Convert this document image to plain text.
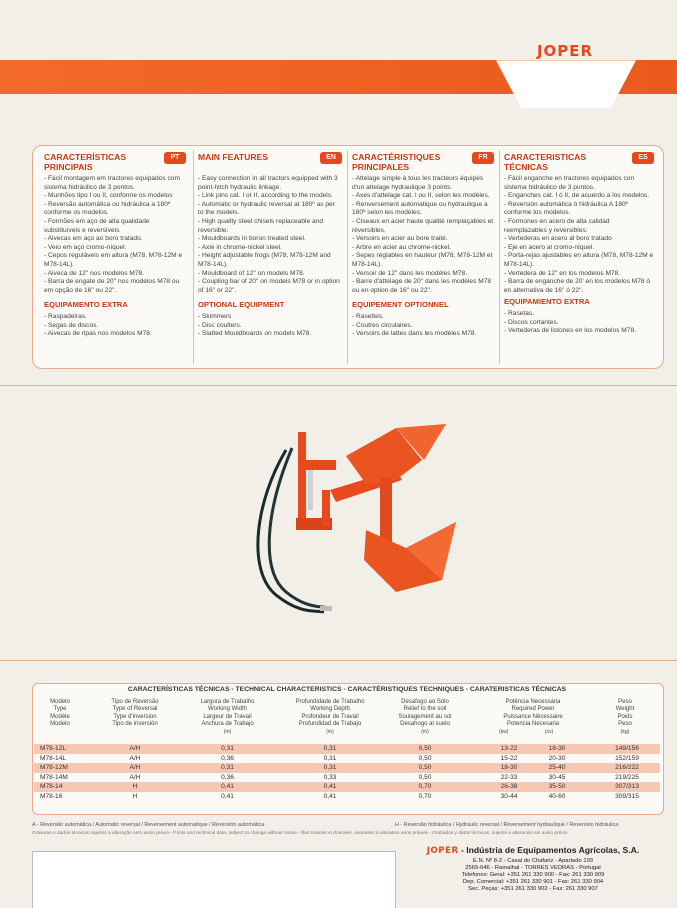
JOPER
PT
CARACTERÍSTICAS PRINCIPAIS
- Fácil montagem em tractores equipados com sistema hidráulico de 3 pontos.
- Munhões tipo I ou II, conforme os modelos
- Reversão automática ou hidráulica a 180º conforme os modelos.
- Formões em aço de alta qualidade substituíveis e reversíveis
- Aivecas em aço ao boro tratado.
- Veio em aço cromo-níquel.
- Cepos reguláveis em altura (M78, M78-12M e M78-14L).
- Aiveca de 12'' nos modelos M78.
- Barra de engate de 20'' nos modelos M78 ou em opção de 16'' ou 22''.
EQUIPAMENTO EXTRA
- Raspadeiras.
- Segas de discos.
- Aivecas de ripas nos modelos M78.
EN
MAIN FEATURES
- Easy connection in all tractors equipped with 3 point-hitch hydraulic linkage.
- Link pins cat. I or II, according to the models.
- Automatic or hydraulic reversal at 180º as per to the models.
- High quality steel chisels replaceable and reversible.
- Mouldboards in boron treated steel.
- Axle in chrome-nickel steel.
- Height adjustable frogs (M78, M78-12M and M78-14L).
- Mouldboard of 12'' on models M78.
- Coupling bar of 20'' on models M78 or in option of 16'' or 22''.
OPTIONAL EQUIPMENT
- Skimmers
- Disc coulters.
- Slatted Mouldboards on models M78.
FR
CARACTÉRISTIQUES PRINCIPALES
- Attelage simple à tous les tracteurs équipés d'un attelage hydraulique 3 points.
- Axes d'attelage cat. I ou II, selon les modèles.
- Renversement automatique ou hydraulique a 180º selon les modèles.
- Ciseaux en acier haute qualité remplaçables et réversibles.
- Versoirs en acier au bore traité.
- Arbre en acier au chrome-nickel.
- Sepes réglables en hauteur (M78, M78-12M et M78-14L).
- Versoir de 12'' dans les modèles M78.
- Barre d'attelage de 20'' dans les modèles M78 ou en option de 16'' ou 22''.
EQUIPEMENT OPTIONNEL
- Rasettes.
- Coutres circulaires.
- Versoirs de lattes dans les modèles M78.
ES
CARACTERISTICAS TÉCNICAS
- Fácil enganche en tractores equipados con sistema hidráulico de 3 puntos.
- Enganches cat. I ó II, de acuerdo a los modelos.
- Reversión automática ó hidráulica A 180º conforme los modelos.
- Formones en acero de alta calidad reemplazables y reversibles.
- Vertederas en acero al boro tratado
- Eje en acero al cromo-níquel.
- Porta-rejas ajustables en altura (M78, M78-12M e M78-14L).
- Vertedera de 12'' en los modelos M78.
- Barra de enganche de 20' en los modelos M78 ó en alternativa de 16'' ó 22''.
EQUIPAMIENTO EXTRA
- Rasetas.
- Discos cortantes.
- Vertederas de listones en los modelos M78.
CARACTERÍSTICAS TÉCNICAS - TECHNICAL CHARACTERISTICS - CARACTÉRISTIQUES TECHNIQUES - CARATERISTICAS TÉCNICAS
Modelo
Type
Modèle
Modelo
Tipo de Reversão
Type of Reversal
Type d'inversion
Tipo de inversión
Largura de Trabalho
Working Width
Largeur de Travail
Anchura de Trabajo
(m)
Profundidade de Trabalho
Working Depth
Profondeur de Travail
Profundidad de Trabajo
(m)
Desafogo ao Solo
Relief to the soil
Soulagement au sol
Desahogo al suelo
(m)
Potência Necessária
Required Power
Puissance Nécessaire
Potencia Necesaria
(kw)	(cv)

Peso
Weight
Poids
Peso
(kg)
M78-12L	A/H	0,31	0,31	0,50	13-22	18-30	149/156
M78-14L	A/H	0,36	0,31	0,50	15-22	20-30	152/159
M78-12M	A/H	0,31	0,31	0,50	18-30	25-40	216/222
M78-14M	A/H	0,36	0,33	0,50	22-33	30-45	219/225
M78-14	H	0,41	0,41	0,70	26-38	35-50	307/313
M78-16	H	0,41	0,41	0,70	30-44	40-60	309/315
A - Reversão automática / Automatic reversal / Reversement automatique / Reversión automática	H - Reversão hidráulica / Hydraulic reversal / Reversement hydraulique / Reversión hidráulica
Gravuras e dados técnicos sujeitos a alteração sem aviso prévio - Prints and technical data, subject to change without notice - Illus trations et données, soumises à alteration sans préavis - Grabados y datos técnicos, sujetos a alteración sin aviso prévio
JOPER - Indústria de Equipamentos Agrícolas, S.A.
E.N. Nº 8-2 - Casal do Chafariz - Apartado 193
2565-646 - Ramalhal - TORRES VEDRAS - Portugal
Telefones: Geral: +351 261 330 900 - Fax: 261 330 909
Dep. Comercial: +351 261 330 901 - Fax: 261 330 904
Sec. Peças: +351 261 330 902 - Fax: 261 330 907
